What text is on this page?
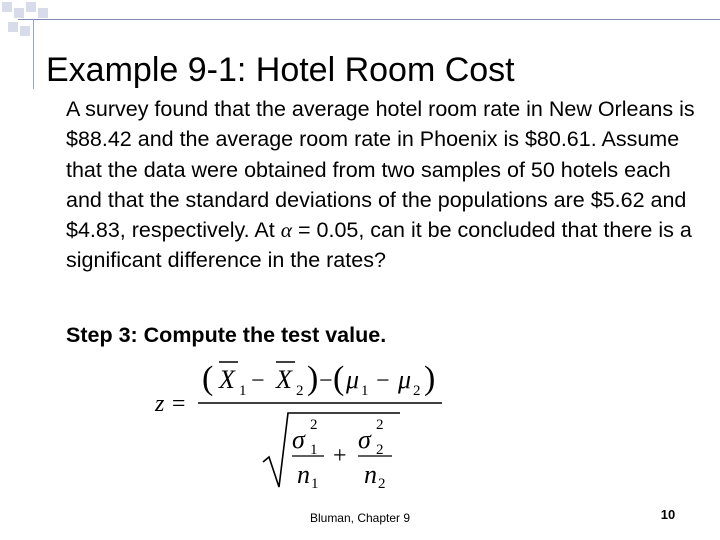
Example 9-1: Hotel Room Cost
A survey found that the average hotel room rate in New Orleans is $88.42 and the average room rate in Phoenix is $80.61. Assume that the data were obtained from two samples of 50 hotels each and that the standard deviations of the populations are $5.62 and $4.83, respectively. At α = 0.05, can it be concluded that there is a significant difference in the rates?
Step 3: Compute the test value.
z =
( X 1 − X 2 ) − ( μ 1 − μ 2 )
σ 2
1
n 1
+
σ 2
2
n 2
Bluman, Chapter 9	10
